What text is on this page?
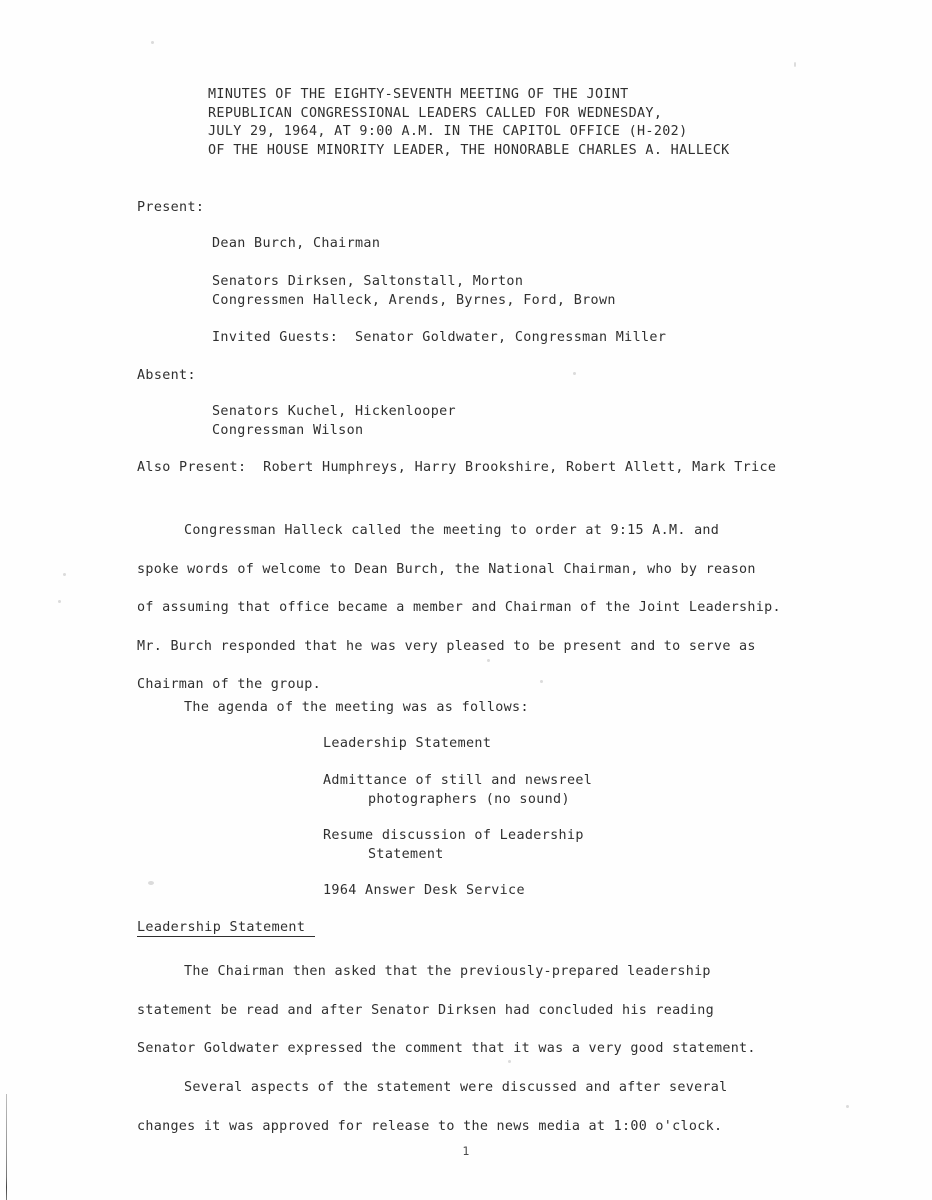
MINUTES OF THE EIGHTY-SEVENTH MEETING OF THE JOINT
REPUBLICAN CONGRESSIONAL LEADERS CALLED FOR WEDNESDAY,
JULY 29, 1964, AT 9:00 A.M. IN THE CAPITOL OFFICE (H-202)
OF THE HOUSE MINORITY LEADER, THE HONORABLE CHARLES A. HALLECK
Present:
Dean Burch, Chairman
Senators Dirksen, Saltonstall, Morton
Congressmen Halleck, Arends, Byrnes, Ford, Brown
Invited Guests:  Senator Goldwater, Congressman Miller
Absent:
Senators Kuchel, Hickenlooper
Congressman Wilson
Also Present:  Robert Humphreys, Harry Brookshire, Robert Allett, Mark Trice
Congressman Halleck called the meeting to order at 9:15 A.M. and
spoke words of welcome to Dean Burch, the National Chairman, who by reason
of assuming that office became a member and Chairman of the Joint Leadership.
Mr. Burch responded that he was very pleased to be present and to serve as
Chairman of the group.
The agenda of the meeting was as follows:
Leadership Statement
Admittance of still and newsreel
photographers (no sound)
Resume discussion of Leadership
Statement
1964 Answer Desk Service
Leadership Statement
The Chairman then asked that the previously-prepared leadership
statement be read and after Senator Dirksen had concluded his reading
Senator Goldwater expressed the comment that it was a very good statement.
Several aspects of the statement were discussed and after several
changes it was approved for release to the news media at 1:00 o'clock.
1
